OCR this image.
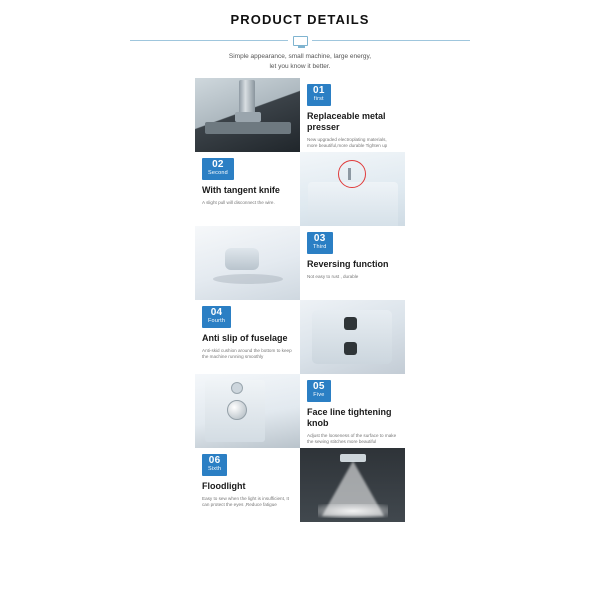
PRODUCT DETAILS
Simple appearance, small machine, large energy,
let you know it better.
01
first
Replaceable metal presser
New upgraded electroplating materials, more beautiful,more durable Tighten up
02
Second
With tangent knife
A slight pull will disconnect the wire.
03
Third
Reversing function
Not easy to rust , durable
04
Fourth
Anti slip of fuselage
Anti-skid cushion around the bottom to keep the machine running smoothly
05
Five
Face line tightening knob
Adjust the looseness of the surface to make the sewing stitches more beautiful
06
Sixth
Floodlight
Easy to sew when the light is insufficient, It can protect the eyes ,Reduce fatigue
